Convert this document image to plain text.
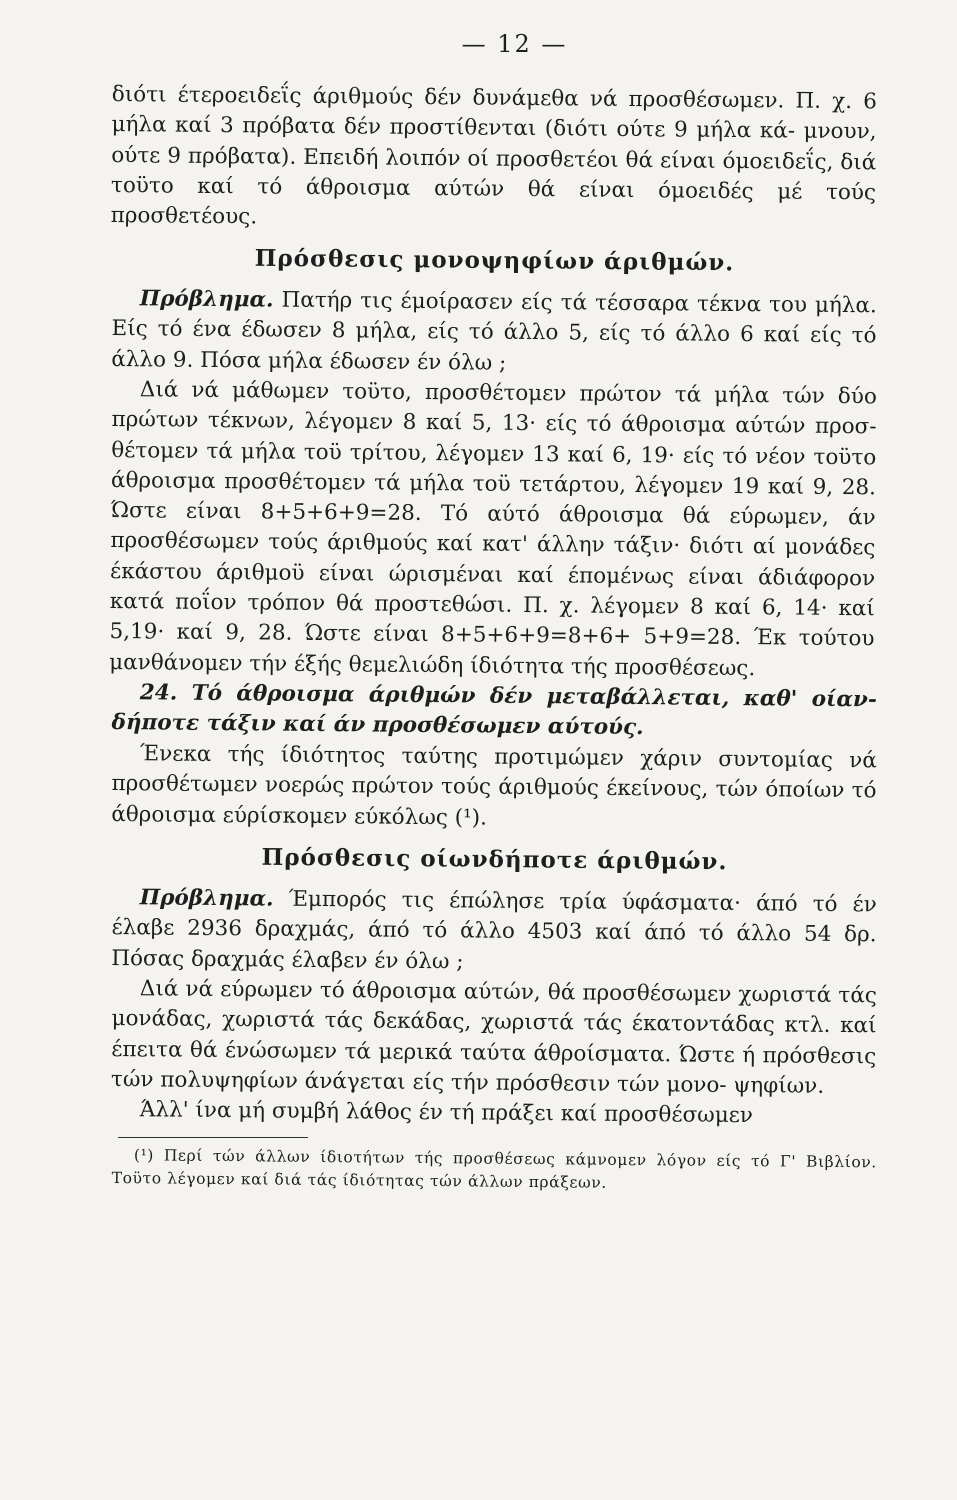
— 12 —

διότι έτεροειδεΐς άριθμούς δέν δυνάμεθα νά προσθέσωμεν. Π. χ. 6 μήλα καί 3 πρόβατα δέν προστίθενται (διότι ούτε 9 μήλα κά- μνουν, ούτε 9 πρόβατα). Επειδή λοιπόν οί προσθετέοι θά είναι όμοειδεΐς, διά τοϋτο καί τό άθροισμα αύτών θά είναι όμοειδές μέ τούς προσθετέους.

Πρόσθεσις μονοψηφίων άριθμών.

Πρόβλημα. Πατήρ τις έμοίρασεν είς τά τέσσαρα τέκνα του μήλα. Είς τό ένα έδωσεν 8 μήλα, είς τό άλλο 5, είς τό άλλο 6 καί είς τό άλλο 9. Πόσα μήλα έδωσεν έν όλω ;

Διά νά μάθωμεν τοϋτο, προσθέτομεν πρώτον τά μήλα τών δύο πρώτων τέκνων, λέγομεν 8 καί 5, 13· είς τό άθροισμα αύτών προσ- θέτομεν τά μήλα τοϋ τρίτου, λέγομεν 13 καί 6, 19· είς τό νέον τοϋτο άθροισμα προσθέτομεν τά μήλα τοϋ τετάρτου, λέγομεν 19 καί 9, 28. Ώστε είναι 8+5+6+9=28. Τό αύτό άθροισμα θά εύρωμεν, άν προσθέσωμεν τούς άριθμούς καί κατ' άλλην τάξιν· διότι αί μονάδες έκάστου άριθμοϋ είναι ώρισμέναι καί έπομένως είναι άδιάφορον κατά ποΐον τρόπον θά προστεθώσι. Π. χ. λέγομεν 8 καί 6, 14· καί 5,19· καί 9, 28. Ώστε είναι 8+5+6+9=8+6+ 5+9=28. Έκ τούτου μανθάνομεν τήν έξής θεμελιώδη ίδιότητα τής προσθέσεως.

24. Τό άθροισμα άριθμών δέν μεταβάλλεται, καθ' οίαν- δήποτε τάξιν καί άν προσθέσωμεν αύτούς.

Ένεκα τής ίδιότητος ταύτης προτιμώμεν χάριν συντομίας νά προσθέτωμεν νοερώς πρώτον τούς άριθμούς έκείνους, τών όποίων τό άθροισμα εύρίσκομεν εύκόλως (¹).

Πρόσθεσις οίωνδήποτε άριθμών.

Πρόβλημα. Έμπορός τις έπώλησε τρία ύφάσματα· άπό τό έν έλαβε 2936 δραχμάς, άπό τό άλλο 4503 καί άπό τό άλλο 54 δρ. Πόσας δραχμάς έλαβεν έν όλω ;

Διά νά εύρωμεν τό άθροισμα αύτών, θά προσθέσωμεν χωριστά τάς μονάδας, χωριστά τάς δεκάδας, χωριστά τάς έκατοντάδας κτλ. καί έπειτα θά ένώσωμεν τά μερικά ταύτα άθροίσματα. Ώστε ή πρόσθεσις τών πολυψηφίων άνάγεται είς τήν πρόσθεσιν τών μονο- ψηφίων.

Άλλ' ίνα μή συμβή λάθος έν τή πράξει καί προσθέσωμεν

(¹) Περί τών άλλων ίδιοτήτων τής προσθέσεως κάμνομεν λόγον είς τό Γ' Βιβλίον. Τοϋτο λέγομεν καί διά τάς ίδιότητας τών άλλων πράξεων.
